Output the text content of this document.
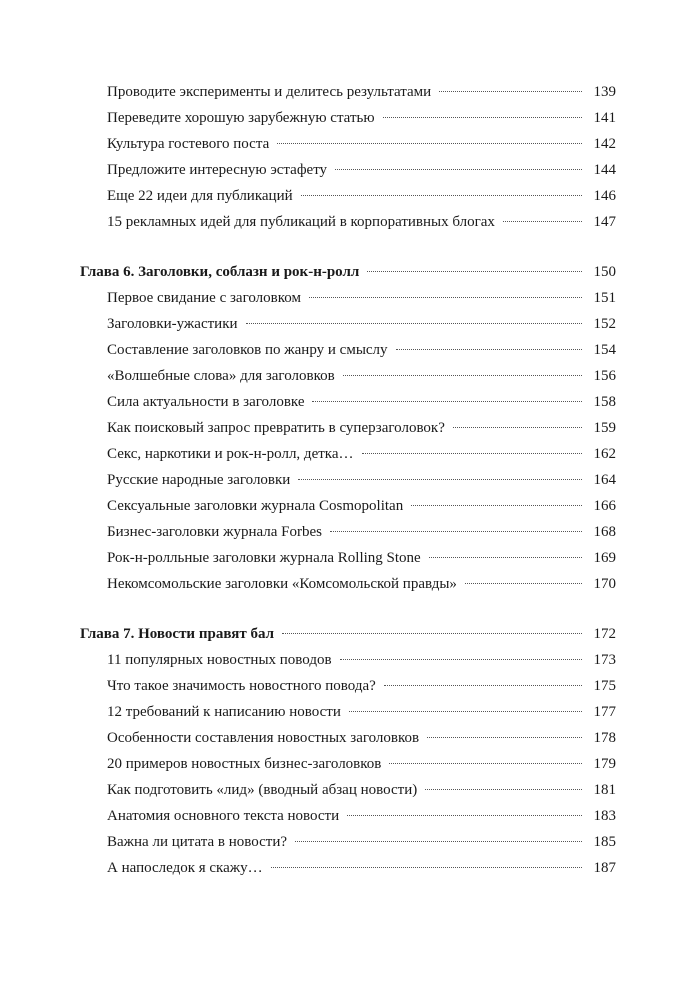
Проводите эксперименты и делитесь результатами	139
Переведите хорошую зарубежную статью	141
Культура гостевого поста	142
Предложите интересную эстафету	144
Еще 22 идеи для публикаций	146
15 рекламных идей для публикаций в корпоративных блогах	147
Глава 6. Заголовки, соблазн и рок-н-ролл	150
Первое свидание с заголовком	151
Заголовки-ужастики	152
Составление заголовков по жанру и смыслу	154
«Волшебные слова» для заголовков	156
Сила актуальности в заголовке	158
Как поисковый запрос превратить в суперзаголовок?	159
Секс, наркотики и рок-н-ролл, детка…	162
Русские народные заголовки	164
Сексуальные заголовки журнала Cosmopolitan	166
Бизнес-заголовки журнала Forbes	168
Рок-н-ролльные заголовки журнала Rolling Stone	169
Некомсомольские заголовки «Комсомольской правды»	170
Глава 7. Новости правят бал	172
11 популярных новостных поводов	173
Что такое значимость новостного повода?	175
12 требований к написанию новости	177
Особенности составления новостных заголовков	178
20 примеров новостных бизнес-заголовков	179
Как подготовить «лид» (вводный абзац новости)	181
Анатомия основного текста новости	183
Важна ли цитата в новости?	185
А напоследок я скажу…	187
